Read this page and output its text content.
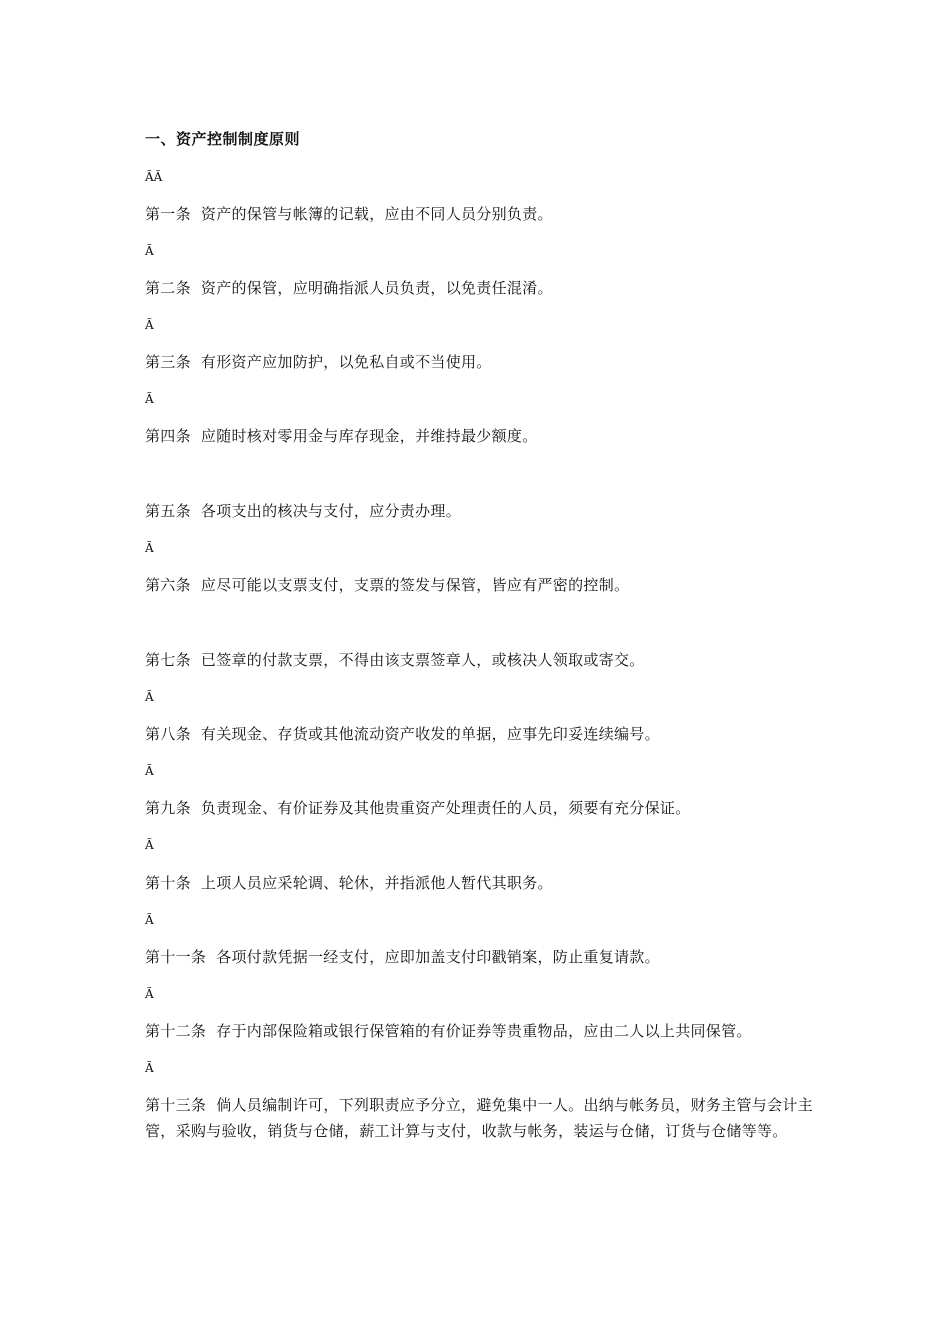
一、资产控制制度原则
ÃÃ
第一条 资产的保管与帐簿的记载，应由不同人员分别负责。
Ã
第二条 资产的保管，应明确指派人员负责，以免责任混淆。
Ã
第三条 有形资产应加防护，以免私自或不当使用。
Ã
第四条 应随时核对零用金与库存现金，并维持最少额度。
第五条 各项支出的核决与支付，应分责办理。
Ã
第六条 应尽可能以支票支付，支票的签发与保管，皆应有严密的控制。
第七条 已签章的付款支票，不得由该支票签章人，或核决人领取或寄交。
Ã
第八条 有关现金、存货或其他流动资产收发的单据，应事先印妥连续编号。
Ã
第九条 负责现金、有价证券及其他贵重资产处理责任的人员，须要有充分保证。
Ã
第十条 上项人员应采轮调、轮休，并指派他人暂代其职务。
Ã
第十一条 各项付款凭据一经支付，应即加盖支付印戳销案，防止重复请款。
Ã
第十二条 存于内部保险箱或银行保管箱的有价证券等贵重物品，应由二人以上共同保管。
Ã
第十三条 倘人员编制许可，下列职责应予分立，避免集中一人。出纳与帐务员，财务主管与会计主管，采购与验收，销货与仓储，薪工计算与支付，收款与帐务，装运与仓储，订货与仓储等等。
